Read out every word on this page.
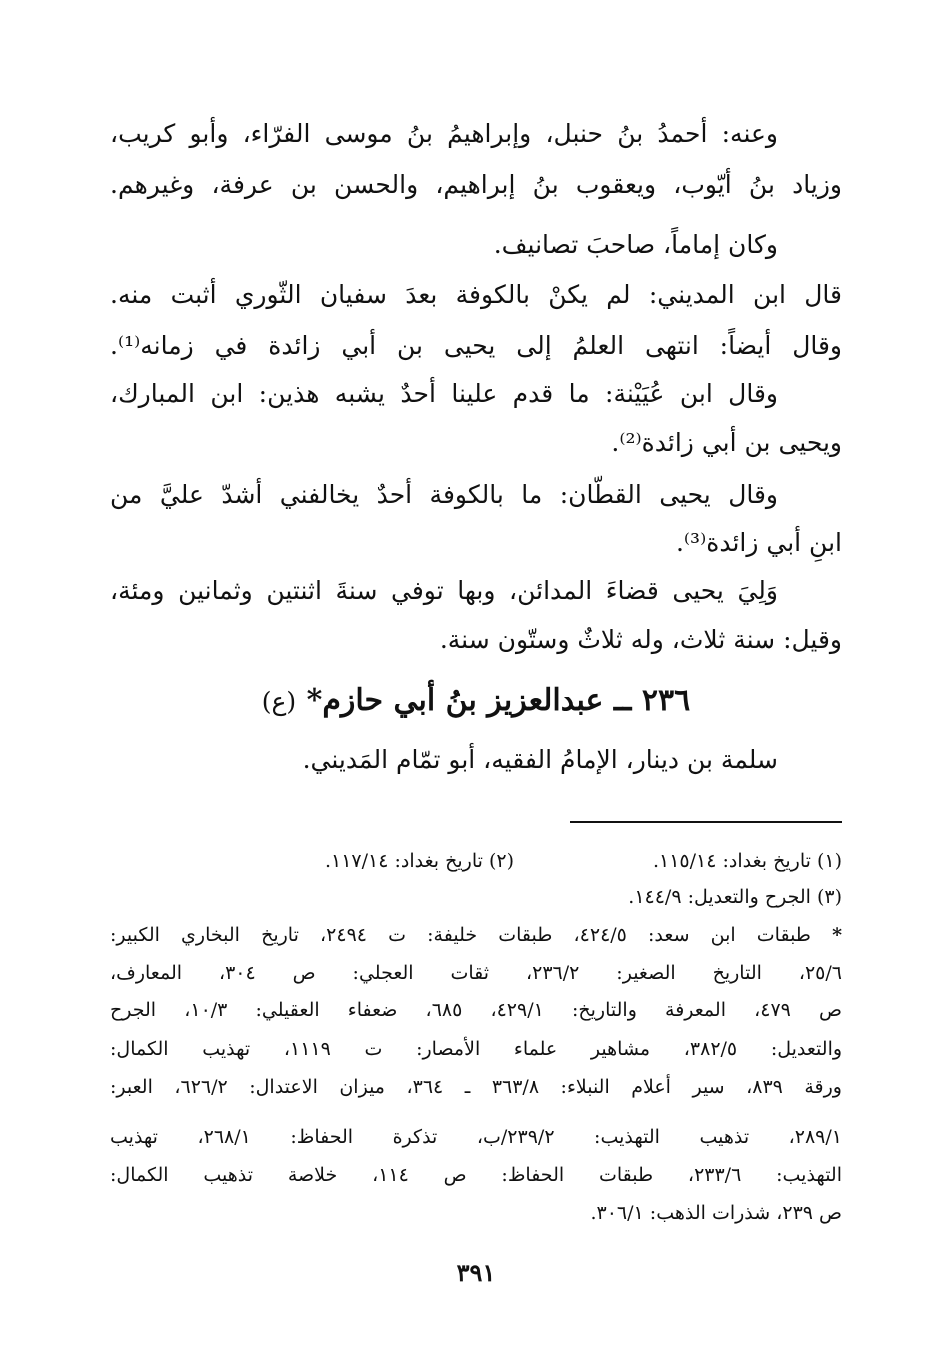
وعنه: أحمدُ بنُ حنبل، وإبراهيمُ بنُ موسى الفرّاء، وأبو كريب،
وزياد بنُ أيّوب، ويعقوب بنُ إبراهيم، والحسن بن عرفة، وغيرهم.
وكان إماماً، صاحبَ تصانيف.
قال ابن المديني: لم يكنْ بالكوفة بعدَ سفيان الثّوري أثبت منه.
وقال أيضاً: انتهى العلمُ إلى يحيى بن أبي زائدة في زمانه⁽¹⁾.
وقال ابن عُيَيْنة: ما قدم علينا أحدٌ يشبه هذين: ابن المبارك،
ويحيى بن أبي زائدة⁽²⁾.
وقال يحيى القطّان: ما بالكوفة أحدٌ يخالفني أشدّ عليَّ من
ابنِ أبي زائدة⁽³⁾.
وَلِيَ يحيى قضاءَ المدائن، وبها توفي سنةَ اثنتين وثمانين ومئة،
وقيل: سنة ثلاث، وله ثلاثٌ وستّون سنة.
٢٣٦ ــ عبدالعزيز بنُ أبي حازم* (ع)
سلمة بن دينار، الإمامُ الفقيه، أبو تمّام المَديني.
(١) تاريخ بغداد: ١١٥/١٤.
(٢) تاريخ بغداد: ١١٧/١٤.
(٣) الجرح والتعديل: ١٤٤/٩.
* طبقات ابن سعد: ٤٢٤/٥، طبقات خليفة: ت ٢٤٩٤، تاريخ البخاري الكبير:
٢٥/٦، التاريخ الصغير: ٢٣٦/٢، ثقات العجلي: ص ٣٠٤، المعارف،
ص ٤٧٩، المعرفة والتاريخ: ٤٢٩/١، ٦٨٥، ضعفاء العقيلي: ١٠/٣، الجرح
والتعديل: ٣٨٢/٥، مشاهير علماء الأمصار: ت ١١١٩، تهذيب الكمال:
ورقة ٨٣٩، سير أعلام النبلاء: ٣٦٣/٨ ـ ٣٦٤، ميزان الاعتدال: ٦٢٦/٢، العبر:
٢٨٩/١، تذهيب التهذيب: ٢٣٩/٢/ب، تذكرة الحفاظ: ٢٦٨/١، تهذيب
التهذيب: ٢٣٣/٦، طبقات الحفاظ: ص ١١٤، خلاصة تذهيب الكمال:
ص ٢٣٩، شذرات الذهب: ٣٠٦/١.
٣٩١
